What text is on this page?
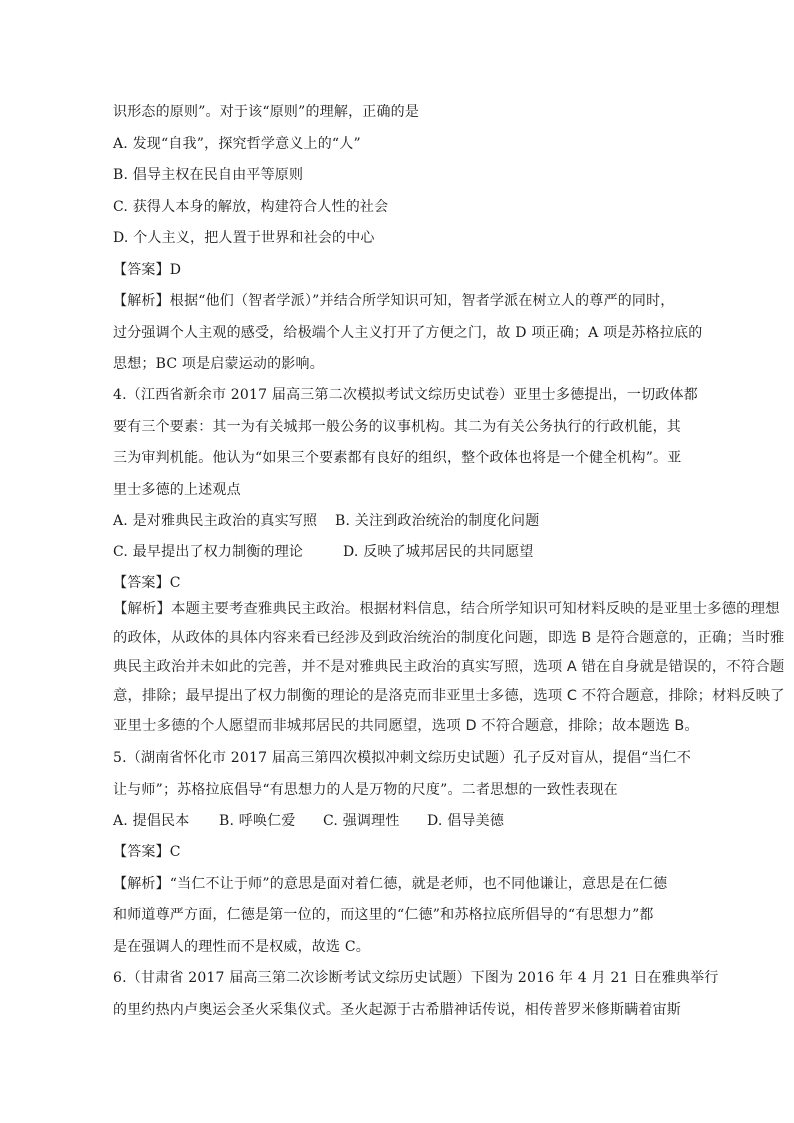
识形态的原则”。对于该“原则”的理解，正确的是
A. 发现“自我”，探究哲学意义上的“人”
B. 倡导主权在民自由平等原则
C. 获得人本身的解放，构建符合人性的社会
D. 个人主义，把人置于世界和社会的中心
【答案】D
【解析】根据“他们（智者学派）”并结合所学知识可知，智者学派在树立人的尊严的同时，
过分强调个人主观的感受，给极端个人主义打开了方便之门，故 D 项正确；A 项是苏格拉底的
思想；BC 项是启蒙运动的影响。
4.（江西省新余市 2017 届高三第二次模拟考试文综历史试卷）亚里士多德提出，一切政体都
要有三个要素：其一为有关城邦一般公务的议事机构。其二为有关公务执行的行政机能，其
三为审判机能。他认为“如果三个要素都有良好的组织，整个政体也将是一个健全机构”。亚
里士多德的上述观点
A. 是对雅典民主政治的真实写照 B. 关注到政治统治的制度化问题
C. 最早提出了权力制衡的理论	D. 反映了城邦居民的共同愿望
【答案】C
【解析】本题主要考查雅典民主政治。根据材料信息，结合所学知识可知材料反映的是亚里士多德的理想
的政体，从政体的具体内容来看已经涉及到政治统治的制度化问题，即选 B 是符合题意的，正确；当时雅
典民主政治并未如此的完善，并不是对雅典民主政治的真实写照，选项 A 错在自身就是错误的，不符合题
意，排除；最早提出了权力制衡的理论的是洛克而非亚里士多德，选项 C 不符合题意，排除；材料反映了
亚里士多德的个人愿望而非城邦居民的共同愿望，选项 D 不符合题意，排除；故本题选 B。
5.（湖南省怀化市 2017 届高三第四次模拟冲刺文综历史试题）孔子反对盲从，提倡“当仁不
让与师”；苏格拉底倡导“有思想力的人是万物的尺度”。二者思想的一致性表现在
A. 提倡民本 B. 呼唤仁爱 C. 强调理性 D. 倡导美德
【答案】C
【解析】“当仁不让于师”的意思是面对着仁德，就是老师，也不同他谦让，意思是在仁德
和师道尊严方面，仁德是第一位的，而这里的“仁德”和苏格拉底所倡导的“有思想力”都
是在强调人的理性而不是权威，故选 C。
6.（甘肃省 2017 届高三第二次诊断考试文综历史试题）下图为 2016 年 4 月 21 日在雅典举行
的里约热内卢奥运会圣火采集仪式。圣火起源于古希腊神话传说，相传普罗米修斯瞒着宙斯
